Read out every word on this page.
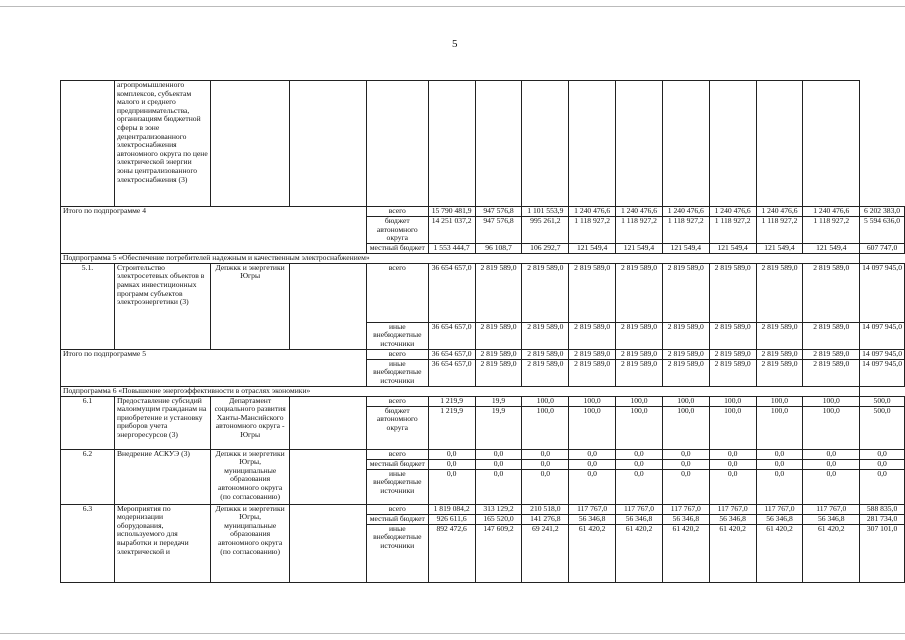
5
	агропромышленного комплексов, субъектам малого и среднего предпринимательства, организациям бюджетной сферы в зоне децентрализованного электроснабжения автономного округа по цене электрической энергии зоны централизованного электроснабжения (3)													
Итого по подпрограмме 4				всего	15 790 481,9	947 576,8	1 101 553,9	1 240 476,6	1 240 476,6	1 240 476,6	1 240 476,6	1 240 476,6	1 240 476,6	6 202 383,0
				бюджет автономного округа	14 251 037,2	947 576,8	995 261,2	1 118 927,2	1 118 927,2	1 118 927,2	1 118 927,2	1 118 927,2	1 118 927,2	5 594 636,0
				местный бюджет	1 553 444,7	96 108,7	106 292,7	121 549,4	121 549,4	121 549,4	121 549,4	121 549,4	121 549,4	607 747,0
Подпрограмма 5 «Обеспечение потребителей надежным и качественным электроснабжением»														
5.1.	Строительство электросетевых объектов в рамках инвестиционных программ субъектов электроэнергетики (3)	Депжкк и энергетики Югры		всего	36 654 657,0	2 819 589,0	2 819 589,0	2 819 589,0	2 819 589,0	2 819 589,0	2 819 589,0	2 819 589,0	2 819 589,0	14 097 945,0
				иные внебюджетные источники	36 654 657,0	2 819 589,0	2 819 589,0	2 819 589,0	2 819 589,0	2 819 589,0	2 819 589,0	2 819 589,0	2 819 589,0	14 097 945,0
Итого по подпрограмме 5				всего	36 654 657,0	2 819 589,0	2 819 589,0	2 819 589,0	2 819 589,0	2 819 589,0	2 819 589,0	2 819 589,0	2 819 589,0	14 097 945,0
				иные внебюджетные источники	36 654 657,0	2 819 589,0	2 819 589,0	2 819 589,0	2 819 589,0	2 819 589,0	2 819 589,0	2 819 589,0	2 819 589,0	14 097 945,0
Подпрограмма 6 «Повышение энергоэффективности в отраслях экономики»														
6.1	Предоставление субсидий малоимущим гражданам на приобретение и установку приборов учета энергоресурсов (3)	Департамент социального развития Ханты-Мансийского автономного округа - Югры		всего	1 219,9	19,9	100,0	100,0	100,0	100,0	100,0	100,0	100,0	500,0
				бюджет автономного округа	1 219,9	19,9	100,0	100,0	100,0	100,0	100,0	100,0	100,0	500,0
6.2	Внедрение АСКУЭ (3)	Депжкк и энергетики Югры, муниципальные образования автономного округа (по согласованию)		всего	0,0	0,0	0,0	0,0	0,0	0,0	0,0	0,0	0,0	0,0
				местный бюджет	0,0	0,0	0,0	0,0	0,0	0,0	0,0	0,0	0,0	0,0
				иные внебюджетные источники	0,0	0,0	0,0	0,0	0,0	0,0	0,0	0,0	0,0	0,0
6.3	Мероприятия по модернизации оборудования, используемого для выработки и передачи электрической и	Депжкк и энергетики Югры, муниципальные образования автономного округа (по согласованию)		всего	1 819 084,2	313 129,2	210 518,0	117 767,0	117 767,0	117 767,0	117 767,0	117 767,0	117 767,0	588 835,0
				местный бюджет	926 611,6	165 520,0	141 276,8	56 346,8	56 346,8	56 346,8	56 346,8	56 346,8	56 346,8	281 734,0
				иные внебюджетные источники	892 472,6	147 609,2	69 241,2	61 420,2	61 420,2	61 420,2	61 420,2	61 420,2	61 420,2	307 101,0
